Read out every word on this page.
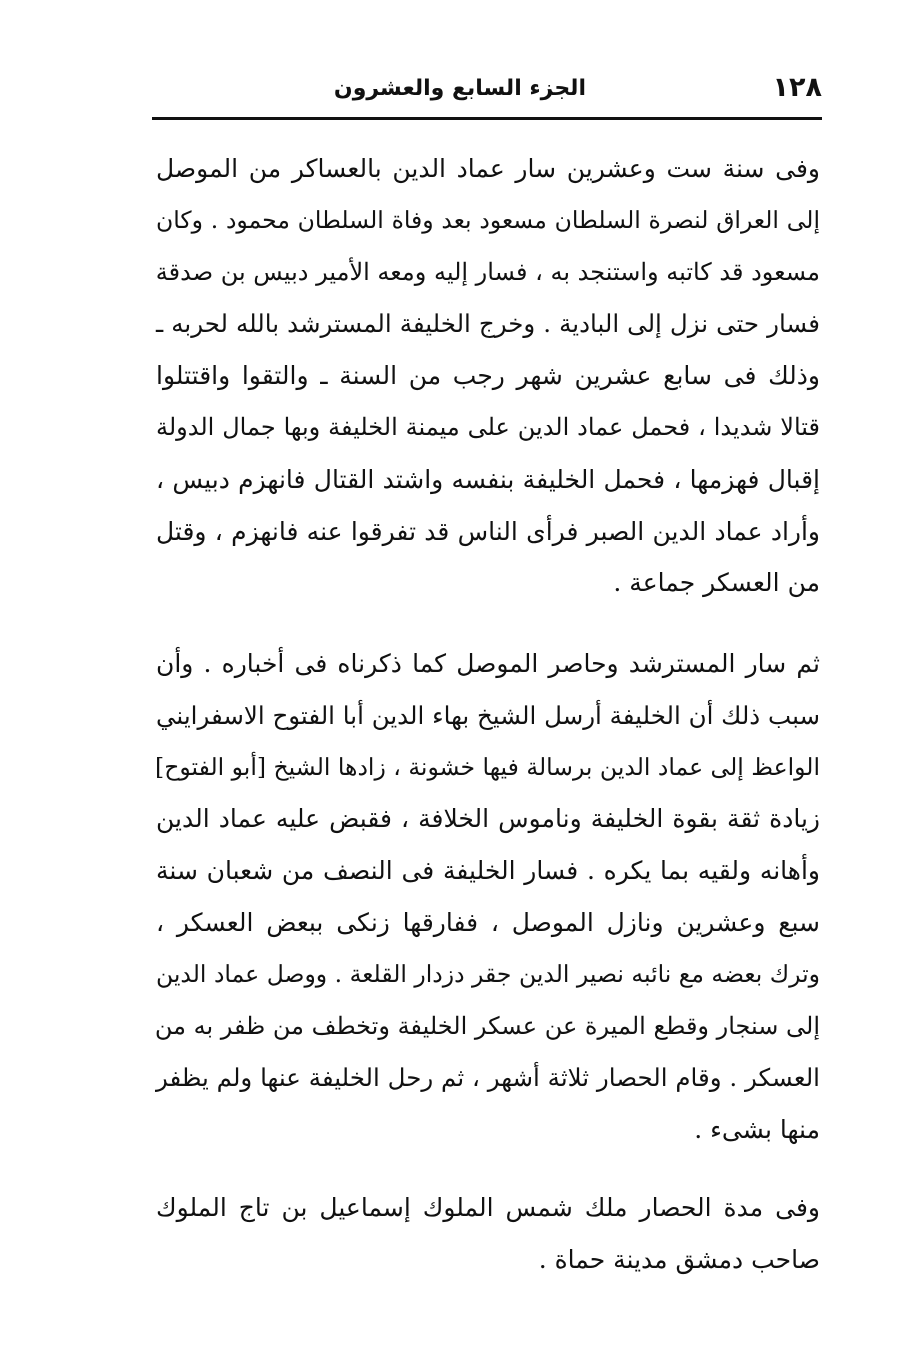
١٢٨
الجزء السابع والعشرون
وفى سنة ست وعشرين سار عماد الدين بالعساكر من الموصل
إلى العراق لنصرة السلطان مسعود بعد وفاة السلطان محمود . وكان
مسعود قد كاتبه واستنجد به ، فسار إليه ومعه الأمير دبيس بن صدقة
فسار حتى نزل إلى البادية . وخرج الخليفة المسترشد بالله لحربه ـ
وذلك فى سابع عشرين شهر رجب من السنة ـ والتقوا واقتتلوا
قتالا شديدا ، فحمل عماد الدين على ميمنة الخليفة وبها جمال الدولة
إقبال فهزمها ، فحمل الخليفة بنفسه واشتد القتال فانهزم دبيس ،
وأراد عماد الدين الصبر فرأى الناس قد تفرقوا عنه فانهزم ، وقتل
من العسكر جماعة .
ثم سار المسترشد وحاصر الموصل كما ذكرناه فى أخباره . وأن
سبب ذلك أن الخليفة أرسل الشيخ بهاء الدين أبا الفتوح الاسفرايني
الواعظ إلى عماد الدين برسالة فيها خشونة ، زادها الشيخ [أبو الفتوح]
زيادة ثقة بقوة الخليفة وناموس الخلافة ، فقبض عليه عماد الدين
وأهانه ولقيه بما يكره . فسار الخليفة فى النصف من شعبان سنة
سبع وعشرين ونازل الموصل ، ففارقها زنكى ببعض العسكر ،
وترك بعضه مع نائبه نصير الدين جقر دزدار القلعة . ووصل عماد الدين
إلى سنجار وقطع الميرة عن عسكر الخليفة وتخطف من ظفر به من
العسكر . وقام الحصار ثلاثة أشهر ، ثم رحل الخليفة عنها ولم يظفر
منها بشىء .
وفى مدة الحصار ملك شمس الملوك إسماعيل بن تاج الملوك
صاحب دمشق مدينة حماة .
